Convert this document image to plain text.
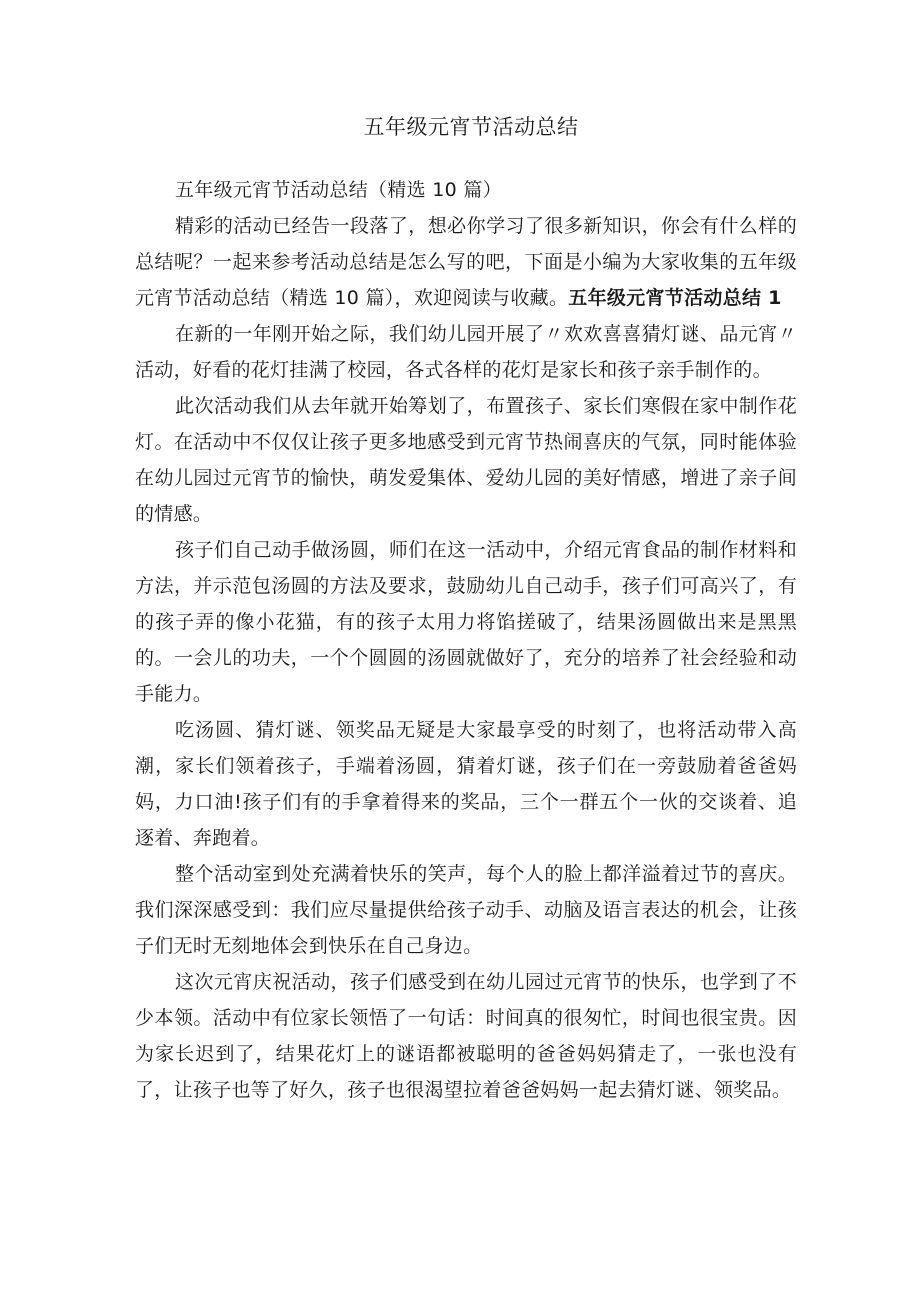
五年级元宵节活动总结

五年级元宵节活动总结（精选 10 篇）

精彩的活动已经告一段落了，想必你学习了很多新知识，你会有什么样的总结呢？一起来参考活动总结是怎么写的吧，下面是小编为大家收集的五年级元宵节活动总结（精选 10 篇），欢迎阅读与收藏。五年级元宵节活动总结 1

在新的一年刚开始之际，我们幼儿园开展了〃欢欢喜喜猜灯谜、品元宵〃活动，好看的花灯挂满了校园，各式各样的花灯是家长和孩子亲手制作的。

此次活动我们从去年就开始筹划了，布置孩子、家长们寒假在家中制作花灯。在活动中不仅仅让孩子更多地感受到元宵节热闹喜庆的气氛，同时能体验在幼儿园过元宵节的愉快，萌发爱集体、爱幼儿园的美好情感，增进了亲子间的情感。

孩子们自己动手做汤圆，师们在这一活动中，介绍元宵食品的制作材料和方法，并示范包汤圆的方法及要求，鼓励幼儿自己动手，孩子们可高兴了，有的孩子弄的像小花猫，有的孩子太用力将馅搓破了，结果汤圆做出来是黑黑的。一会儿的功夫，一个个圆圆的汤圆就做好了，充分的培养了社会经验和动手能力。

吃汤圆、猜灯谜、领奖品无疑是大家最享受的时刻了，也将活动带入高潮，家长们领着孩子，手端着汤圆，猜着灯谜，孩子们在一旁鼓励着爸爸妈妈，力口油!孩子们有的手拿着得来的奖品，三个一群五个一伙的交谈着、追逐着、奔跑着。

整个活动室到处充满着快乐的笑声，每个人的脸上都洋溢着过节的喜庆。我们深深感受到：我们应尽量提供给孩子动手、动脑及语言表达的机会，让孩子们无时无刻地体会到快乐在自己身边。

这次元宵庆祝活动，孩子们感受到在幼儿园过元宵节的快乐，也学到了不少本领。活动中有位家长领悟了一句话：时间真的很匆忙，时间也很宝贵。因为家长迟到了，结果花灯上的谜语都被聪明的爸爸妈妈猜走了，一张也没有了，让孩子也等了好久，孩子也很渴望拉着爸爸妈妈一起去猜灯谜、领奖品。
